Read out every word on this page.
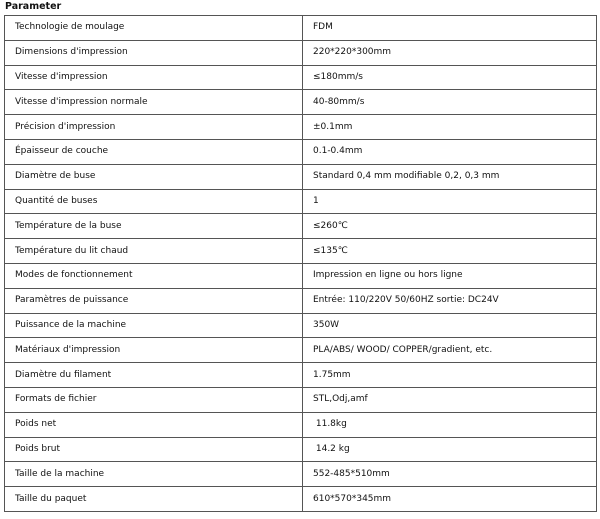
Parameter
Technologie de moulage	FDM
Dimensions d'impression	220*220*300mm
Vitesse d'impression	≤180mm/s
Vitesse d'impression normale	40-80mm/s
Précision d'impression	±0.1mm
Épaisseur de couche	0.1-0.4mm
Diamètre de buse	Standard 0,4 mm modifiable 0,2, 0,3 mm
Quantité de buses	1
Température de la buse	≤260℃
Température du lit chaud	≤135℃
Modes de fonctionnement	Impression en ligne ou hors ligne
Paramètres de puissance	Entrée: 110/220V 50/60HZ sortie: DC24V
Puissance de la machine	350W
Matériaux d'impression	PLA/ABS/ WOOD/ COPPER/gradient, etc.
Diamètre du filament	1.75mm
Formats de fichier	STL,Odj,amf
Poids net	11.8kg
Poids brut	14.2 kg
Taille de la machine	552-485*510mm
Taille du paquet	610*570*345mm
